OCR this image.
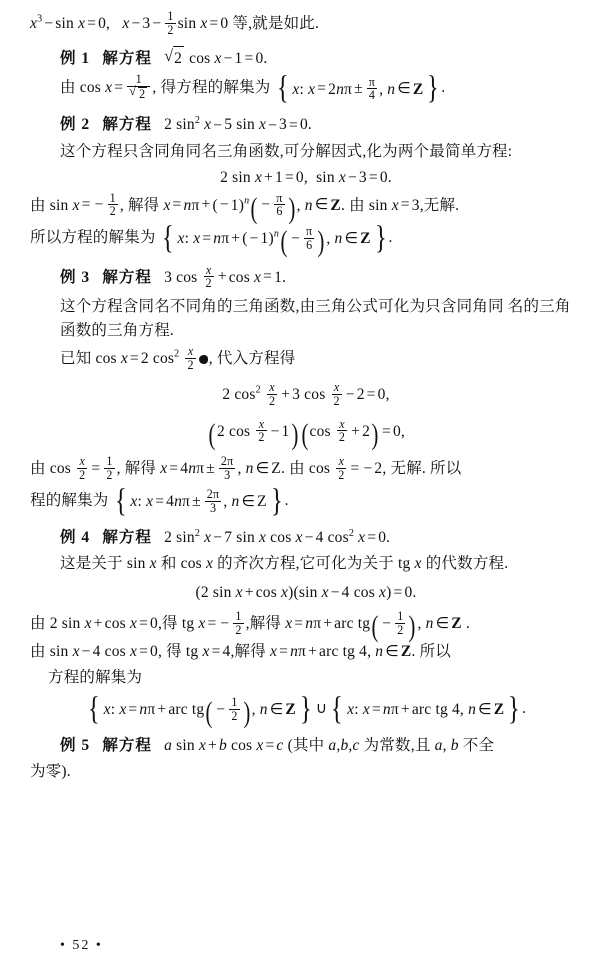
$x^3 - \sin x = 0$, $x - 3 - \frac{1}{2}$ sin x = 0 等,就是如此.
例 1 解方程 √ 2 cos x − 1 = 0.
由 cos x = 1
√ 2 , 得方程的解集为 { x: $x = 2n\pi \pm \frac{\pi}{4}$ , n ∈ Z } .
例 2 解方程 2 $\sin^2 x - 5$ sin x − 3 = 0.
这个方程只含同角同名三角函数,可分解因式,化为两个最简单方程:
2 sin x + 1 = 0, sin x − 3 = 0.
由 sin x = − $\frac{1}{2}$ , 解得 x = nπ + ( − $1)^n( - \frac{\pi}{6}$ ), n ∈ Z. 由 sin x = 3,无解.
所以方程的解集为 { x: x = nπ + ( − $1)^n( - \frac{\pi}{6}$ ), n ∈ Z } .
例 3 解方程 3 $\cos \frac{x}{2} + \cos x = 1$.
这个方程含同名不同角的三角函数,由三角公式可化为只含同角同 名的三​角函数的三角方程.
已知 cos x = 2 $\cos^2 \frac{x}{2}$ , 代入方程得
2 $\cos^2 \frac{x}{2} + 3$ $\cos \frac{x}{2} - 2 = 0$,
(2 $\cos \frac{x}{2} - 1$) $(\cos \frac{x}{2} + 2) = 0$,
由 $\cos \frac{x}{2} = \frac{1}{2}$ , 解得 $x = 4n\pi \pm \frac{2\pi}{3}$ , n ∈ Z. 由 $\cos \frac{x}{2}$ = − 2, 无解. 所以
程的解集为 { x: $x = 4n\pi \pm \frac{2\pi}{3}$ , n ∈ Z } .
例 4 解方程 2 $\sin^2 x - 7$ sin x cos x − 4 $\cos^2 x = 0$.
这是关于 sin x 和 cos x 的齐次方程,它可化为关于 tg x 的代数方程.
(2 sin x + cos x)(sin x − 4 cos x) = 0.
由 2 sin x + cos x = 0,得 tg x = − $\frac{1}{2}$ ,解得 x = nπ + arc $tg( - \frac{1}{2}$ ), n ∈ Z .
由 sin x − 4 cos x = 0, 得 tg x = 4,解得 x = nπ + arc tg 4, n ∈ Z. 所以
方程的解集为
{ x: x = nπ + arc $tg( - \frac{1}{2}$ ), n ∈ Z } ∪ { x: x = nπ + arc tg 4, n ∈ Z } .
例 5 解方程 a sin x + b cos x = c (其中 a,b,c 为常数,且 a, b 不全
为零).
• 52 •
